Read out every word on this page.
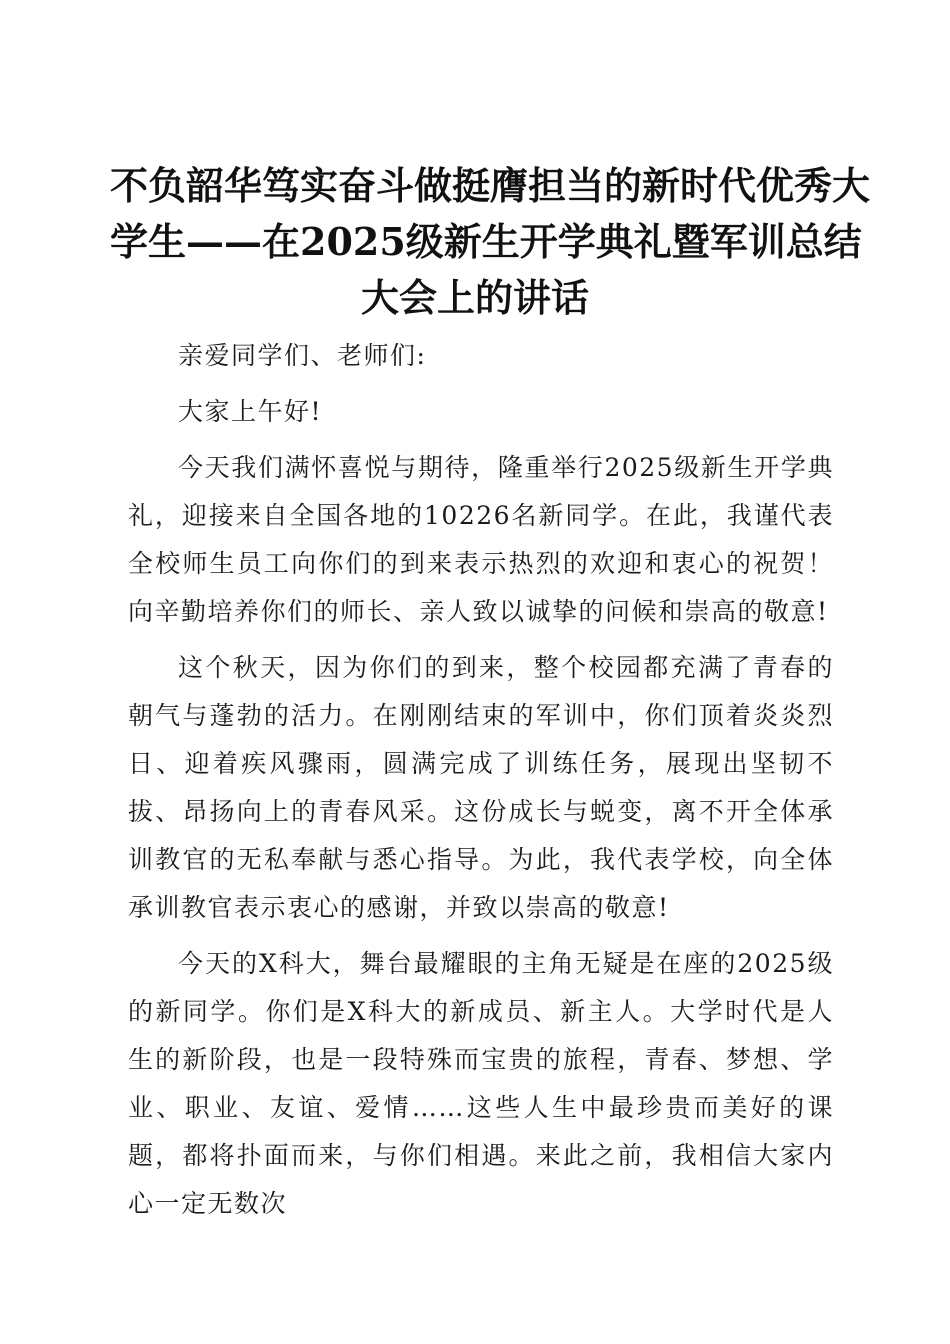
不负韶华笃实奋斗做挺膺担当的新时代优秀大
学生——在2025级新生开学典礼暨军训总结
大会上的讲话

亲爱同学们、老师们:

大家上午好!

今天我们满怀喜悦与期待，隆重举行2025级新生开学典礼，迎接来自全国各地的10226名新同学。在此，我谨代表全校师生员工向你们的到来表示热烈的欢迎和衷心的祝贺！向辛勤培养你们的师长、亲人致以诚挚的问候和崇高的敬意!

这个秋天，因为你们的到来，整个校园都充满了青春的朝气与蓬勃的活力。在刚刚结束的军训中，你们顶着炎炎烈日、迎着疾风骤雨，圆满完成了训练任务，展现出坚韧不拔、昂扬向上的青春风采。这份成长与蜕变，离不开全体承训教官的无私奉献与悉心指导。为此，我代表学校，向全体承训教官表示衷心的感谢，并致以崇高的敬意!

今天的X科大，舞台最耀眼的主角无疑是在座的2025级的新同学。你们是X科大的新成员、新主人。大学时代是人生的新阶段，也是一段特殊而宝贵的旅程，青春、梦想、学业、职业、友谊、爱情……这些人生中最珍贵而美好的课题，都将扑面而来，与你们相遇。来此之前，我相信大家内心一定无数次
